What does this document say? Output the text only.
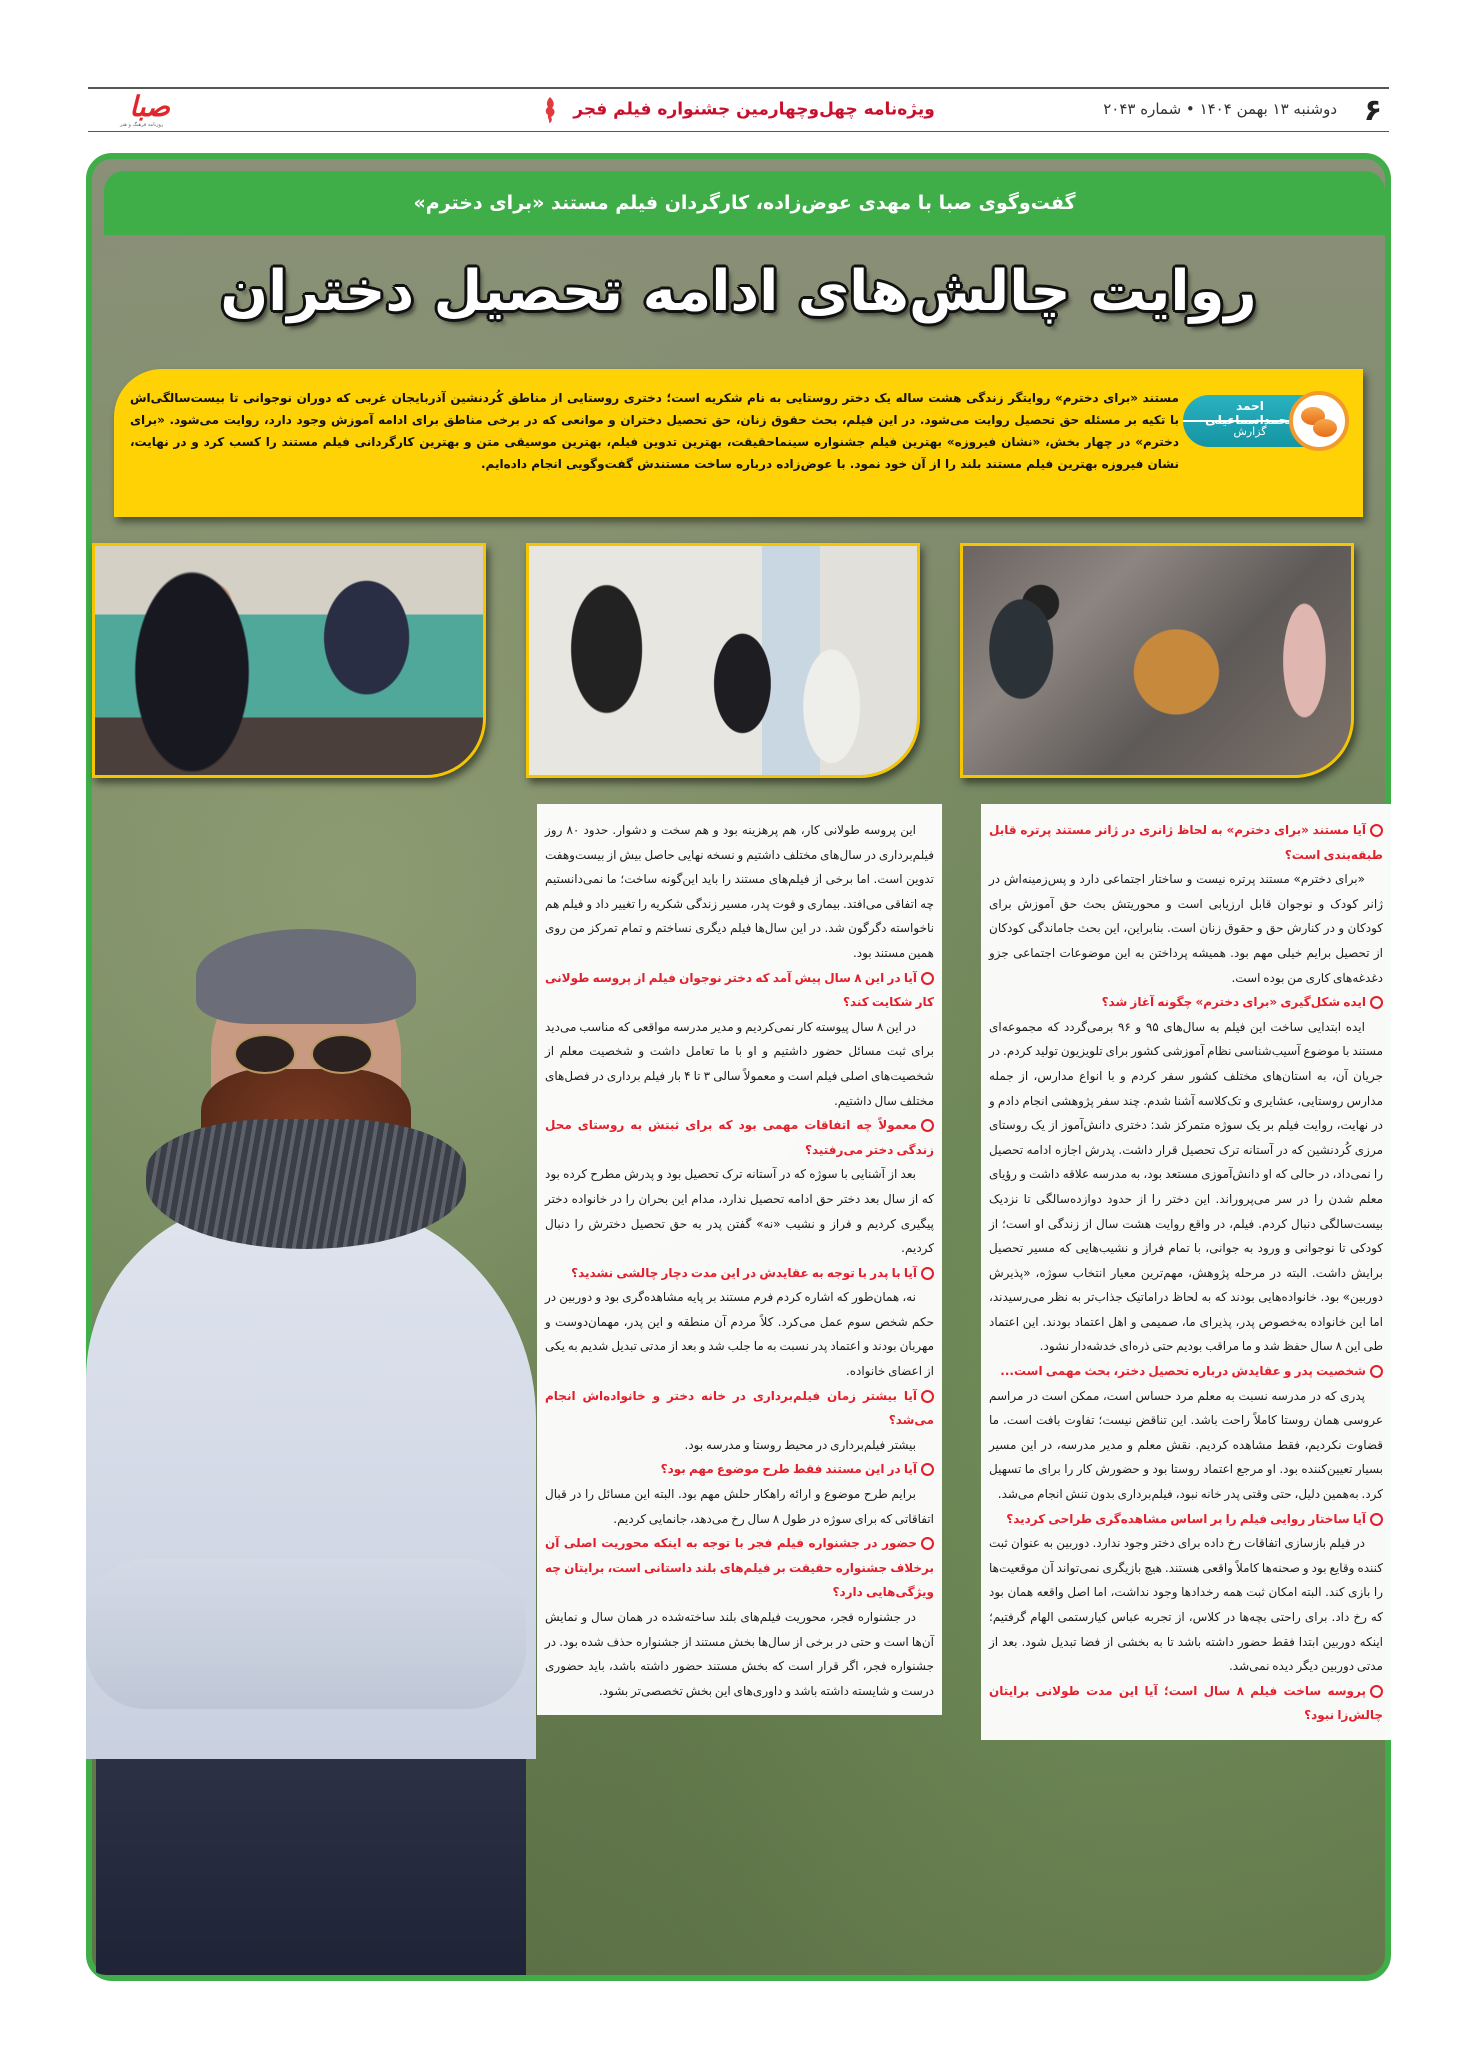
۶
دوشنبه ۱۳ بهمن ۱۴۰۴ • شماره ۲۰۴۳
ویژه‌نامه چهل‌وچهارمین جشنواره فیلم فجر
صبا
روزنامه فرهنگ و هنر
گفت‌وگوی صبا با مهدی عوض‌زاده، کارگردان فیلم مستند «برای دخترم»
روایت چالش‌های ادامه تحصیل دختران
احمد
گزارش
مستند «برای دخترم» روایتگر زندگی هشت ساله یک دختر روستایی به نام شکریه است؛ دختری روستایی از مناطق کُردنشین آذربایجان غربی که دوران نوجوانی تا بیست‌سالگی‌اش با تکیه بر مسئله حق تحصیل روایت می‌شود. در این فیلم، بحث حقوق زنان، حق تحصیل دختران و موانعی که در برخی مناطق برای ادامه آموزش وجود دارد، روایت می‌شود. «برای دخترم» در چهار بخش، «نشان فیروزه» بهترین فیلم جشنواره سینماحقیقت، بهترین تدوین فیلم، بهترین موسیقی متن و بهترین کارگردانی فیلم مستند را کسب کرد و در نهایت، نشان فیروزه بهترین فیلم مستند بلند را از آن خود نمود. با عوض‌زاده درباره ساخت مستندش گفت‌وگویی انجام داده‌ایم.

آیا مستند «برای دخترم» به لحاظ ژانری در ژانر مستند پرتره قابل طبقه‌بندی است؟

«برای دخترم» مستند پرتره نیست و ساختار اجتماعی دارد و پس‌زمینه‌اش در ژانر کودک و نوجوان قابل ارزیابی است و محوریتش بحث حق آموزش برای کودکان و در کنارش حق و حقوق زنان است. بنابراین، این بحث جاماندگی کودکان از تحصیل برایم خیلی مهم بود. همیشه پرداختن به این موضوعات اجتماعی جزو دغدغه‌های کاری من بوده است.

ایده شکل‌گیری «برای دخترم» چگونه آغاز شد؟

ایده ابتدایی ساخت این فیلم به سال‌های ۹۵ و ۹۶ برمی‌گردد که مجموعه‌ای مستند با موضوع آسیب‌شناسی نظام آموزشی کشور برای تلویزیون تولید کردم. در جریان آن، به استان‌های مختلف کشور سفر کردم و با انواع مدارس، از جمله مدارس روستایی، عشایری و تک‌کلاسه آشنا شدم. چند سفر پژوهشی انجام دادم و در نهایت، روایت فیلم بر یک سوژه متمرکز شد: دختری دانش‌آموز از یک روستای مرزی کُردنشین که در آستانه ترک تحصیل قرار داشت. پدرش اجازه ادامه تحصیل را نمی‌داد، در حالی که او دانش‌آموزی مستعد بود، به مدرسه علاقه داشت و رؤیای معلم شدن را در سر می‌پروراند. این دختر را از حدود دوازده‌سالگی تا نزدیک بیست‌سالگی دنبال کردم. فیلم، در واقع روایت هشت سال از زندگی او است؛ از کودکی تا نوجوانی و ورود به جوانی، با تمام فراز و نشیب‌هایی که مسیر تحصیل برایش داشت. البته در مرحله پژوهش، مهم‌ترین معیار انتخاب سوژه، «پذیرش دوربین» بود. خانواده‌هایی بودند که به لحاظ دراماتیک جذاب‌تر به نظر می‌رسیدند، اما این خانواده به‌خصوص پدر، پذیرای ما، صمیمی و اهل اعتماد بودند. این اعتماد طی این ۸ سال حفظ شد و ما مراقب بودیم حتی ذره‌ای خدشه‌دار نشود.

شخصیت پدر و عقایدش درباره تحصیل دختر، بحث مهمی است...

پدری که در مدرسه نسبت به معلم مرد حساس است، ممکن است در مراسم عروسی همان روستا کاملاً راحت باشد. این تناقض نیست؛ تفاوت بافت است. ما قضاوت نکردیم، فقط مشاهده کردیم. نقش معلم و مدیر مدرسه، در این مسیر بسیار تعیین‌کننده بود. او مرجع اعتماد روستا بود و حضورش کار را برای ما تسهیل کرد. به‌همین دلیل، حتی وقتی پدر خانه نبود، فیلم‌برداری بدون تنش انجام می‌شد.

آیا ساختار روایی فیلم را بر اساس مشاهده‌گری طراحی کردید؟

در فیلم بازسازی اتفاقات رخ داده برای دختر وجود ندارد. دوربین به عنوان ثبت کننده وقایع بود و صحنه‌ها کاملاً واقعی هستند. هیچ بازیگری نمی‌تواند آن موقعیت‌ها را بازی کند. البته امکان ثبت همه رخدادها وجود نداشت، اما اصل واقعه همان بود که رخ داد. برای راحتی بچه‌ها در کلاس، از تجربه عباس کیارستمی الهام گرفتیم؛ اینکه دوربین ابتدا فقط حضور داشته باشد تا به بخشی از فضا تبدیل شود. بعد از مدتی دوربین دیگر دیده نمی‌شد.

پروسه ساخت فیلم ۸ سال است؛ آیا این مدت طولانی برایتان چالش‌زا نبود؟

این پروسه طولانی کار، هم پرهزینه بود و هم سخت و دشوار. حدود ۸۰ روز فیلم‌برداری در سال‌های مختلف داشتیم و نسخه نهایی حاصل بیش از بیست‌وهفت تدوین است. اما برخی از فیلم‌های مستند را باید این‌گونه ساخت؛ ما نمی‌دانستیم چه اتفاقی می‌افتد. بیماری و فوت پدر، مسیر زندگی شکریه را تغییر داد و فیلم هم ناخواسته دگرگون شد. در این سال‌ها فیلم دیگری نساختم و تمام تمرکز من روی همین مستند بود.

آیا در این ۸ سال پیش آمد که دختر نوجوان فیلم از پروسه طولانی کار شکایت کند؟

در این ۸ سال پیوسته کار نمی‌کردیم و مدیر مدرسه مواقعی که مناسب می‌دید برای ثبت مسائل حضور داشتیم و او با ما تعامل داشت و شخصیت معلم از شخصیت‌های اصلی فیلم است و معمولاً سالی ۳ تا ۴ بار فیلم برداری در فصل‌های مختلف سال داشتیم.

معمولاً چه اتفاقات مهمی بود که برای ثبتش به روستای محل زندگی دختر می‌رفتید؟

بعد از آشنایی با سوژه که در آستانه ترک تحصیل بود و پدرش مطرح کرده بود که از سال بعد دختر حق ادامه تحصیل ندارد، مدام این بحران را در خانواده دختر پیگیری کردیم و فراز و نشیب «نه» گفتن پدر به حق تحصیل دخترش را دنبال کردیم.

آیا با پدر با توجه به عقایدش در این مدت دچار چالشی نشدید؟

نه، همان‌طور که اشاره کردم فرم مستند بر پایه مشاهده‌گری بود و دوربین در حکم شخص سوم عمل می‌کرد. کلاً مردم آن منطقه و این پدر، مهمان‌دوست و مهربان بودند و اعتماد پدر نسبت به ما جلب شد و بعد از مدتی تبدیل شدیم به یکی از اعضای خانواده.

آیا بیشتر زمان فیلم‌برداری در خانه دختر و خانواده‌اش انجام می‌شد؟

بیشتر فیلم‌برداری در محیط روستا و مدرسه بود.

آیا در این مستند فقط طرح موضوع مهم بود؟

برایم طرح موضوع و ارائه راهکار حلش مهم بود. البته این مسائل را در قبال اتفاقاتی که برای سوژه در طول ۸ سال رخ می‌دهد، جانمایی کردیم.

حضور در جشنواره فیلم فجر با توجه به اینکه محوریت اصلی آن برخلاف جشنواره حقیقت بر فیلم‌های بلند داستانی است، برایتان چه ویژگی‌هایی دارد؟

در جشنواره فجر، محوریت فیلم‌های بلند ساخته‌شده در همان سال و نمایش آن‌ها است و حتی در برخی از سال‌ها بخش مستند از جشنواره حذف شده بود. در جشنواره فجر، اگر قرار است که بخش مستند حضور داشته باشد، باید حضوری درست و شایسته داشته باشد و داوری‌های این بخش تخصصی‌تر بشود.
